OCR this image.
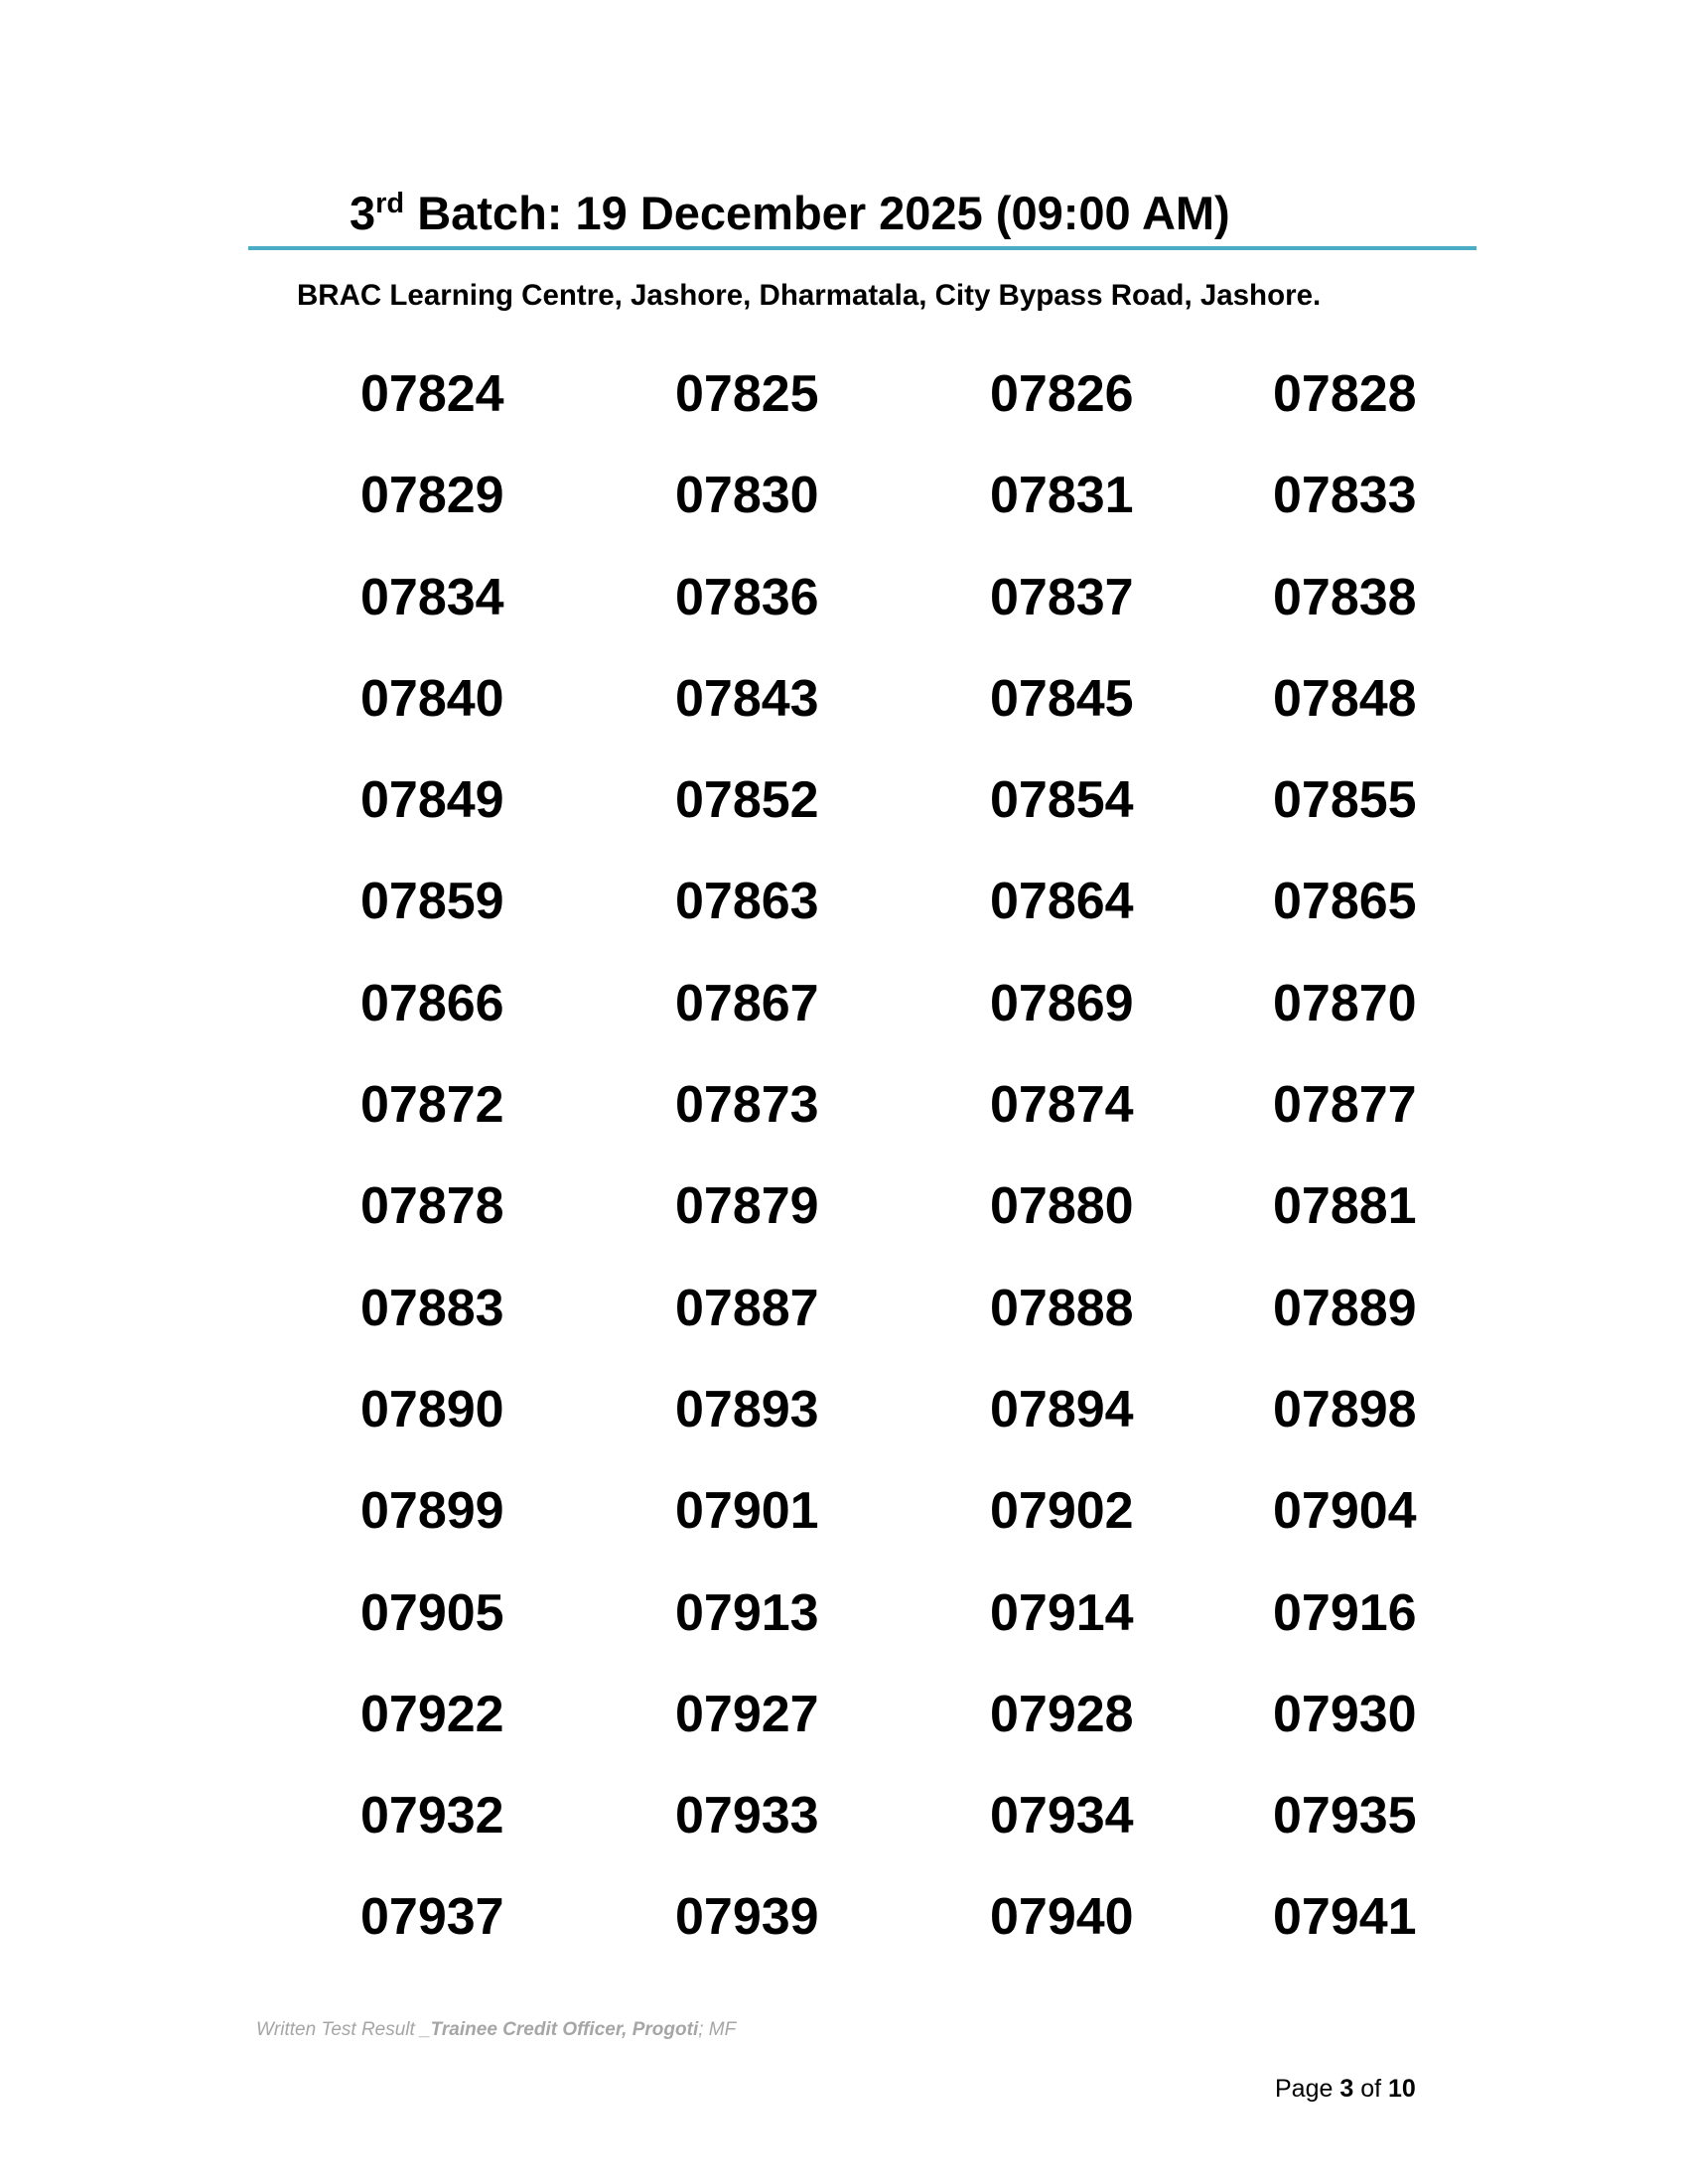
3rd Batch: 19 December 2025 (09:00 AM)
BRAC Learning Centre, Jashore, Dharmatala, City Bypass Road, Jashore.
07824	07825	07826	07828
07829	07830	07831	07833
07834	07836	07837	07838
07840	07843	07845	07848
07849	07852	07854	07855
07859	07863	07864	07865
07866	07867	07869	07870
07872	07873	07874	07877
07878	07879	07880	07881
07883	07887	07888	07889
07890	07893	07894	07898
07899	07901	07902	07904
07905	07913	07914	07916
07922	07927	07928	07930
07932	07933	07934	07935
07937	07939	07940	07941
Written Test Result _Trainee Credit Officer, Progoti; MF
Page 3 of 10
